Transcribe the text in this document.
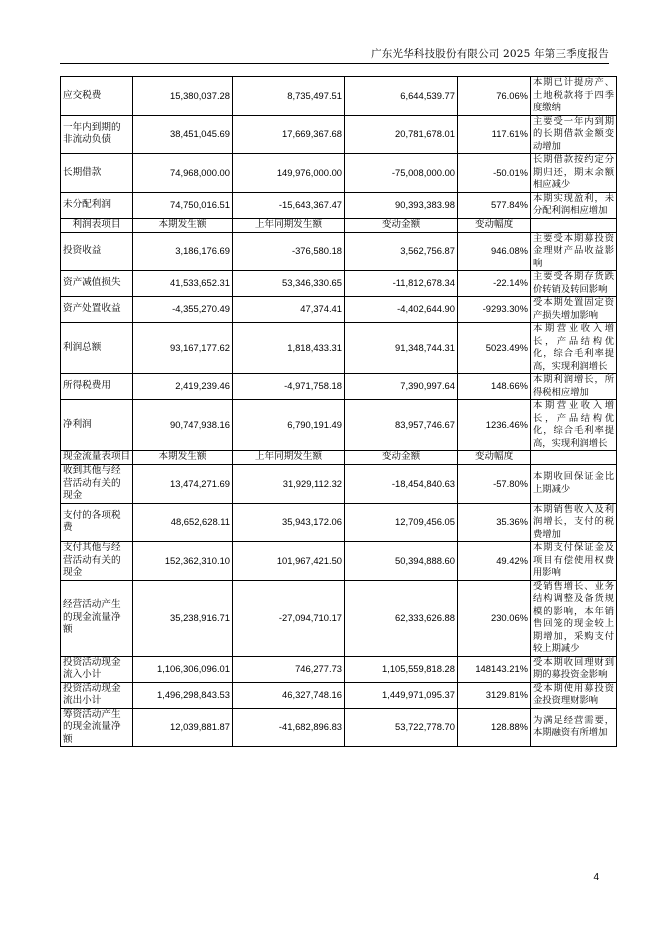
广东光华科技股份有限公司 2025 年第三季度报告
应交税费	15,380,037.28	8,735,497.51	6,644,539.77	76.06%	本期已计提房产、土地税款将于四季度缴纳
一年内到期的非流动负债	38,451,045.69	17,669,367.68	20,781,678.01	117.61%	主要受一年内到期的长期借款金额变动增加
长期借款	74,968,000.00	149,976,000.00	-75,008,000.00	-50.01%	长期借款按约定分期归还，期末余额相应减少
未分配利润	74,750,016.51	-15,643,367.47	90,393,383.98	577.84%	本期实现盈利，未分配利润相应增加
利润表项目	本期发生额	上年同期发生额	变动金额	变动幅度	
投资收益	3,186,176.69	-376,580.18	3,562,756.87	946.08%	主要受本期募投资金理财产品收益影响
资产减值损失	41,533,652.31	53,346,330.65	-11,812,678.34	-22.14%	主要受各期存货跌价转销及转回影响
资产处置收益	-4,355,270.49	47,374.41	-4,402,644.90	-9293.30%	受本期处置固定资产损失增加影响
利润总额	93,167,177.62	1,818,433.31	91,348,744.31	5023.49%	本期营业收入增长，产品结构优化，综合毛利率提高，实现利润增长
所得税费用	2,419,239.46	-4,971,758.18	7,390,997.64	148.66%	本期利润增长，所得税相应增加
净利润	90,747,938.16	6,790,191.49	83,957,746.67	1236.46%	本期营业收入增长，产品结构优化，综合毛利率提高，实现利润增长
现金流量表项目	本期发生额	上年同期发生额	变动金额	变动幅度	
收到其他与经营活动有关的现金	13,474,271.69	31,929,112.32	-18,454,840.63	-57.80%	本期收回保证金比上期减少
支付的各项税费	48,652,628.11	35,943,172.06	12,709,456.05	35.36%	本期销售收入及利润增长，支付的税费增加
支付其他与经营活动有关的现金	152,362,310.10	101,967,421.50	50,394,888.60	49.42%	本期支付保证金及项目有偿使用权费用影响
经营活动产生的现金流量净额	35,238,916.71	-27,094,710.17	62,333,626.88	230.06%	受销售增长、业务结构调整及备货规模的影响，本年销售回笼的现金较上期增加，采购支付较上期减少
投资活动现金流入小计	1,106,306,096.01	746,277.73	1,105,559,818.28	148143.21%	受本期收回理财到期的募投资金影响
投资活动现金流出小计	1,496,298,843.53	46,327,748.16	1,449,971,095.37	3129.81%	受本期使用募投资金投资理财影响
筹资活动产生的现金流量净额	12,039,881.87	-41,682,896.83	53,722,778.70	128.88%	为满足经营需要，本期融资有所增加
4
